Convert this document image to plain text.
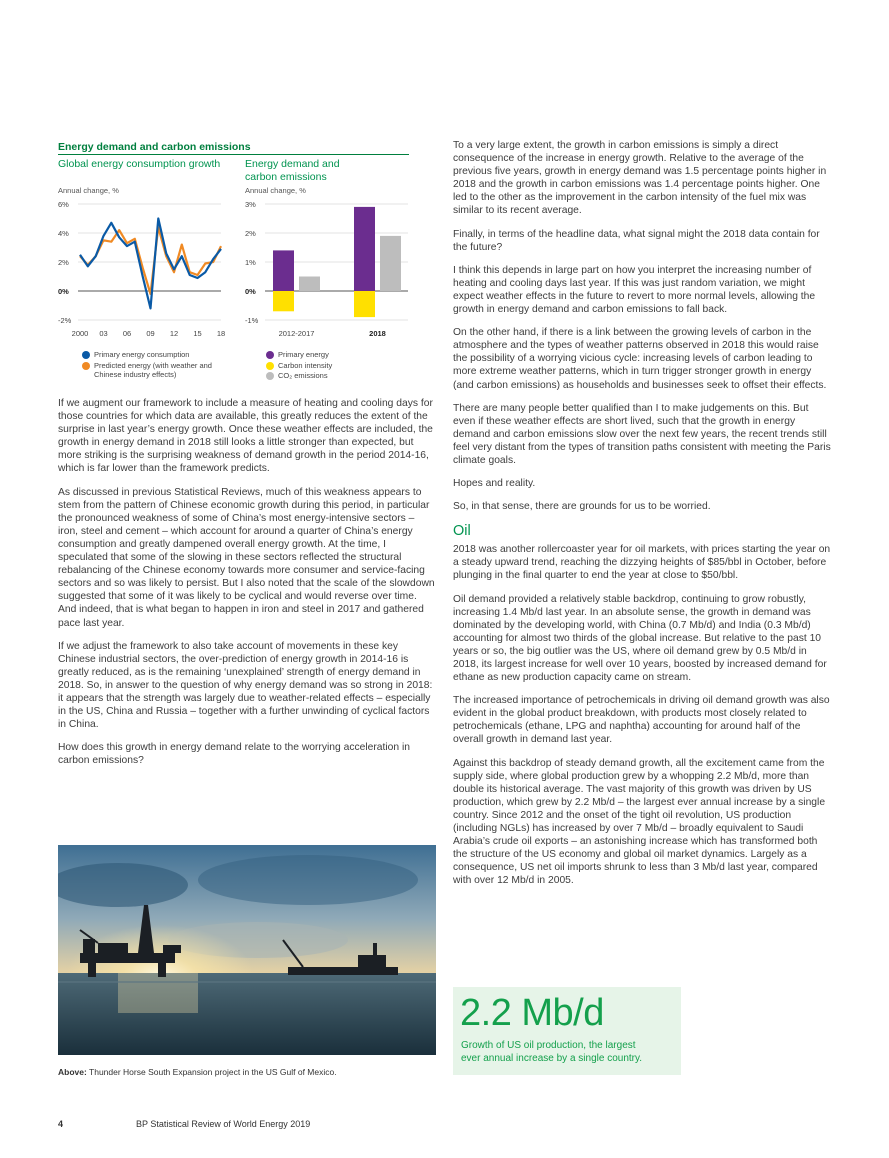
Energy demand and carbon emissions
Global energy consumption growth Energy demand and
carbon emissions
Annual change, %	Annual change, %
6%
4%
2%
0%
-2%
2000 03 06 09 12 15 18
3%
2%
1%
0%
-1%
2012-2017	2018
Primary energy consumption
Predicted energy (with weather and
Chinese industry effects)
Primary energy
Carbon intensity
CO₂ emissions

If we augment our framework to include a measure of heating and cooling days for those countries for which data are available, this greatly reduces the extent of the surprise in last year’s energy growth. Once these weather effects are included, the growth in energy demand in 2018 still looks a little stronger than expected, but more striking is the surprising weakness of demand growth in the period 2014-16, which is far lower than the framework predicts.

As discussed in previous Statistical Reviews, much of this weakness appears to stem from the pattern of Chinese economic growth during this period, in particular the pronounced weakness of some of China’s most energy-intensive sectors – iron, steel and cement – which account for around a quarter of China’s energy consumption and greatly dampened overall energy growth. At the time, I speculated that some of the slowing in these sectors reflected the structural rebalancing of the Chinese economy towards more consumer and service-facing sectors and so was likely to persist. But I also noted that the scale of the slowdown suggested that some of it was likely to be cyclical and would reverse over time. And indeed, that is what began to happen in iron and steel in 2017 and gathered pace last year.

If we adjust the framework to also take account of movements in these key Chinese industrial sectors, the over-prediction of energy growth in 2014-16 is greatly reduced, as is the remaining ‘unexplained’ strength of energy demand in 2018. So, in answer to the question of why energy demand was so strong in 2018: it appears that the strength was largely due to weather-related effects – especially in the US, China and Russia – together with a further unwinding of cyclical factors in China.

How does this growth in energy demand relate to the worrying acceleration in carbon emissions?

Above: Thunder Horse South Expansion project in the US Gulf of Mexico.

To a very large extent, the growth in carbon emissions is simply a direct consequence of the increase in energy growth. Relative to the average of the previous five years, growth in energy demand was 1.5 percentage points higher in 2018 and the growth in carbon emissions was 1.4 percentage points higher. One led to the other as the improvement in the carbon intensity of the fuel mix was similar to its recent average.

Finally, in terms of the headline data, what signal might the 2018 data contain for the future?

I think this depends in large part on how you interpret the increasing number of heating and cooling days last year. If this was just random variation, we might expect weather effects in the future to revert to more normal levels, allowing the growth in energy demand and carbon emissions to fall back.

On the other hand, if there is a link between the growing levels of carbon in the atmosphere and the types of weather patterns observed in 2018 this would raise the possibility of a worrying vicious cycle: increasing levels of carbon leading to more extreme weather patterns, which in turn trigger stronger growth in energy (and carbon emissions) as households and businesses seek to offset their effects.

There are many people better qualified than I to make judgements on this. But even if these weather effects are short lived, such that the growth in energy demand and carbon emissions slow over the next few years, the recent trends still feel very distant from the types of transition paths consistent with meeting the Paris climate goals.

Hopes and reality.

So, in that sense, there are grounds for us to be worried.

Oil

2018 was another rollercoaster year for oil markets, with prices starting the year on a steady upward trend, reaching the dizzying heights of $85/bbl in October, before plunging in the final quarter to end the year at close to $50/bbl.

Oil demand provided a relatively stable backdrop, continuing to grow robustly, increasing 1.4 Mb/d last year. In an absolute sense, the growth in demand was dominated by the developing world, with China (0.7 Mb/d) and India (0.3 Mb/d) accounting for almost two thirds of the global increase. But relative to the past 10 years or so, the big outlier was the US, where oil demand grew by 0.5 Mb/d in 2018, its largest increase for well over 10 years, boosted by increased demand for ethane as new production capacity came on stream.

The increased importance of petrochemicals in driving oil demand growth was also evident in the global product breakdown, with products most closely related to petrochemicals (ethane, LPG and naphtha) accounting for around half of the overall growth in demand last year.

Against this backdrop of steady demand growth, all the excitement came from the supply side, where global production grew by a whopping 2.2 Mb/d, more than double its historical average. The vast majority of this growth was driven by US production, which grew by 2.2 Mb/d – the largest ever annual increase by a single country. Since 2012 and the onset of the tight oil revolution, US production (including NGLs) has increased by over 7 Mb/d – broadly equivalent to Saudi Arabia’s crude oil exports – an astonishing increase which has transformed both the structure of the US economy and global oil market dynamics. Largely as a consequence, US net oil imports shrunk to less than 3 Mb/d last year, compared with over 12 Mb/d in 2005.

2.2 Mb/d
Growth of US oil production, the largest
ever annual increase by a single country.
4	BP Statistical Review of World Energy 2019
